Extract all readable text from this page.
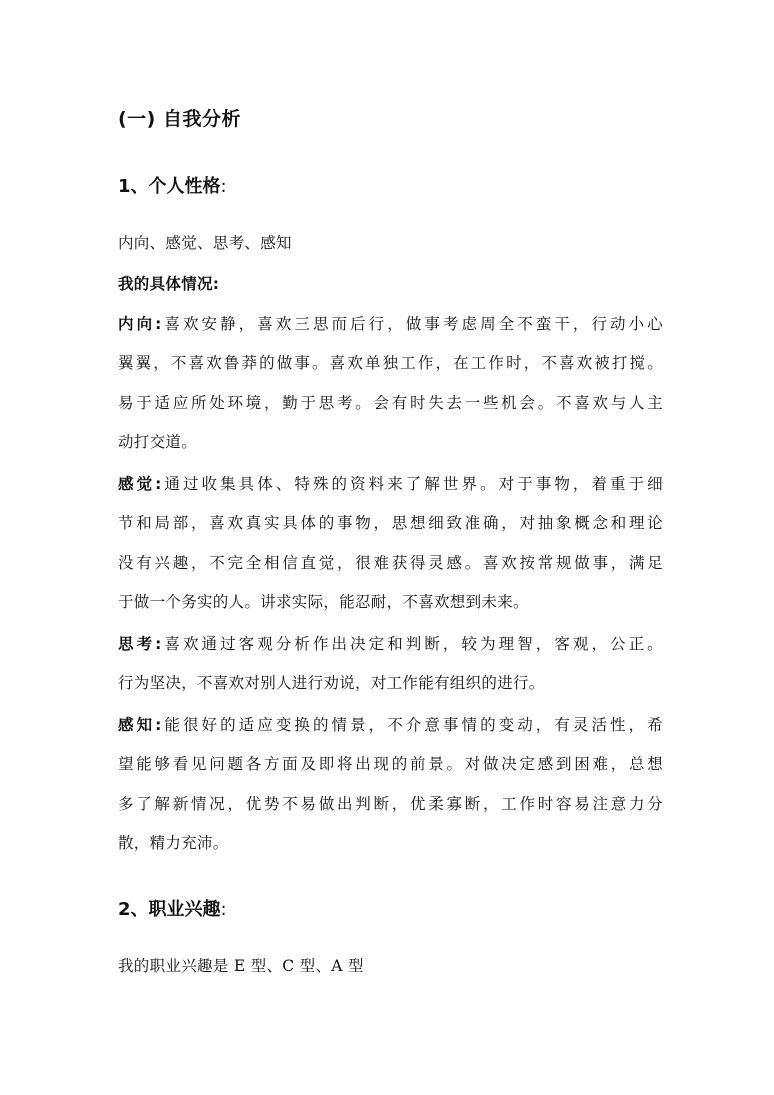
(一) 自我分析
1、个人性格:
内向、感觉、思考、感知
我的具体情况:
内向:喜欢安静，喜欢三思而后行，做事考虑周全不蛮干，行动小心
翼翼，不喜欢鲁莽的做事。喜欢单独工作，在工作时，不喜欢被打搅。
易于适应所处环境，勤于思考。会有时失去一些机会。不喜欢与人主
动打交道。
感觉:通过收集具体、特殊的资料来了解世界。对于事物，着重于细
节和局部，喜欢真实具体的事物，思想细致准确，对抽象概念和理论
没有兴趣，不完全相信直觉，很难获得灵感。喜欢按常规做事，满足
于做一个务实的人。讲求实际，能忍耐，不喜欢想到未来。
思考:喜欢通过客观分析作出决定和判断，较为理智，客观，公正。
行为坚决，不喜欢对别人进行劝说，对工作能有组织的进行。
感知:能很好的适应变换的情景，不介意事情的变动，有灵活性，希
望能够看见问题各方面及即将出现的前景。对做决定感到困难，总想
多了解新情况，优势不易做出判断，优柔寡断，工作时容易注意力分
散，精力充沛。
2、职业兴趣:
我的职业兴趣是 E 型、C 型、A 型
